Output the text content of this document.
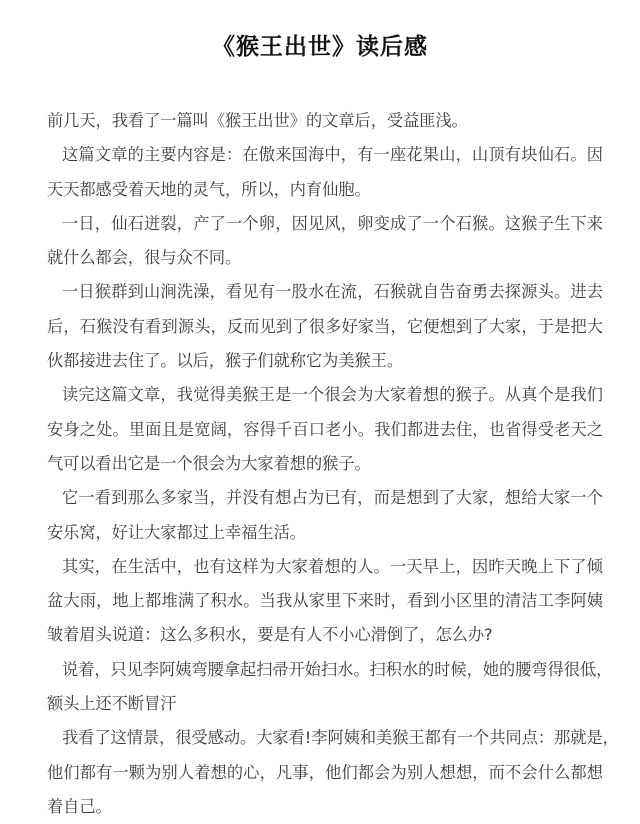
《猴王出世》读后感
前几天，我看了一篇叫《猴王出世》的文章后，受益匪浅。
这篇文章的主要内容是：在傲来国海中，有一座花果山，山顶有块仙石。因
天天都感受着天地的灵气，所以，内育仙胞。
一日，仙石迸裂，产了一个卵，因见风，卵变成了一个石猴。这猴子生下来
就什么都会，很与众不同。
一日猴群到山涧洗澡，看见有一股水在流，石猴就自告奋勇去探源头。进去
后，石猴没有看到源头，反而见到了很多好家当，它便想到了大家，于是把大
伙都接进去住了。以后，猴子们就称它为美猴王。
读完这篇文章，我觉得美猴王是一个很会为大家着想的猴子。从真个是我们
安身之处。里面且是宽阔，容得千百口老小。我们都进去住，也省得受老天之
气可以看出它是一个很会为大家着想的猴子。
它一看到那么多家当，并没有想占为已有，而是想到了大家，想给大家一个
安乐窝，好让大家都过上幸福生活。
其实，在生活中，也有这样为大家着想的人。一天早上，因昨天晚上下了倾
盆大雨，地上都堆满了积水。当我从家里下来时，看到小区里的清洁工李阿姨
皱着眉头说道：这么多积水，要是有人不小心滑倒了，怎么办?
说着，只见李阿姨弯腰拿起扫帚开始扫水。扫积水的时候，她的腰弯得很低，
额头上还不断冒汗
我看了这情景，很受感动。大家看!李阿姨和美猴王都有一个共同点：那就是，
他们都有一颗为别人着想的心，凡事，他们都会为别人想想，而不会什么都想
着自己。
